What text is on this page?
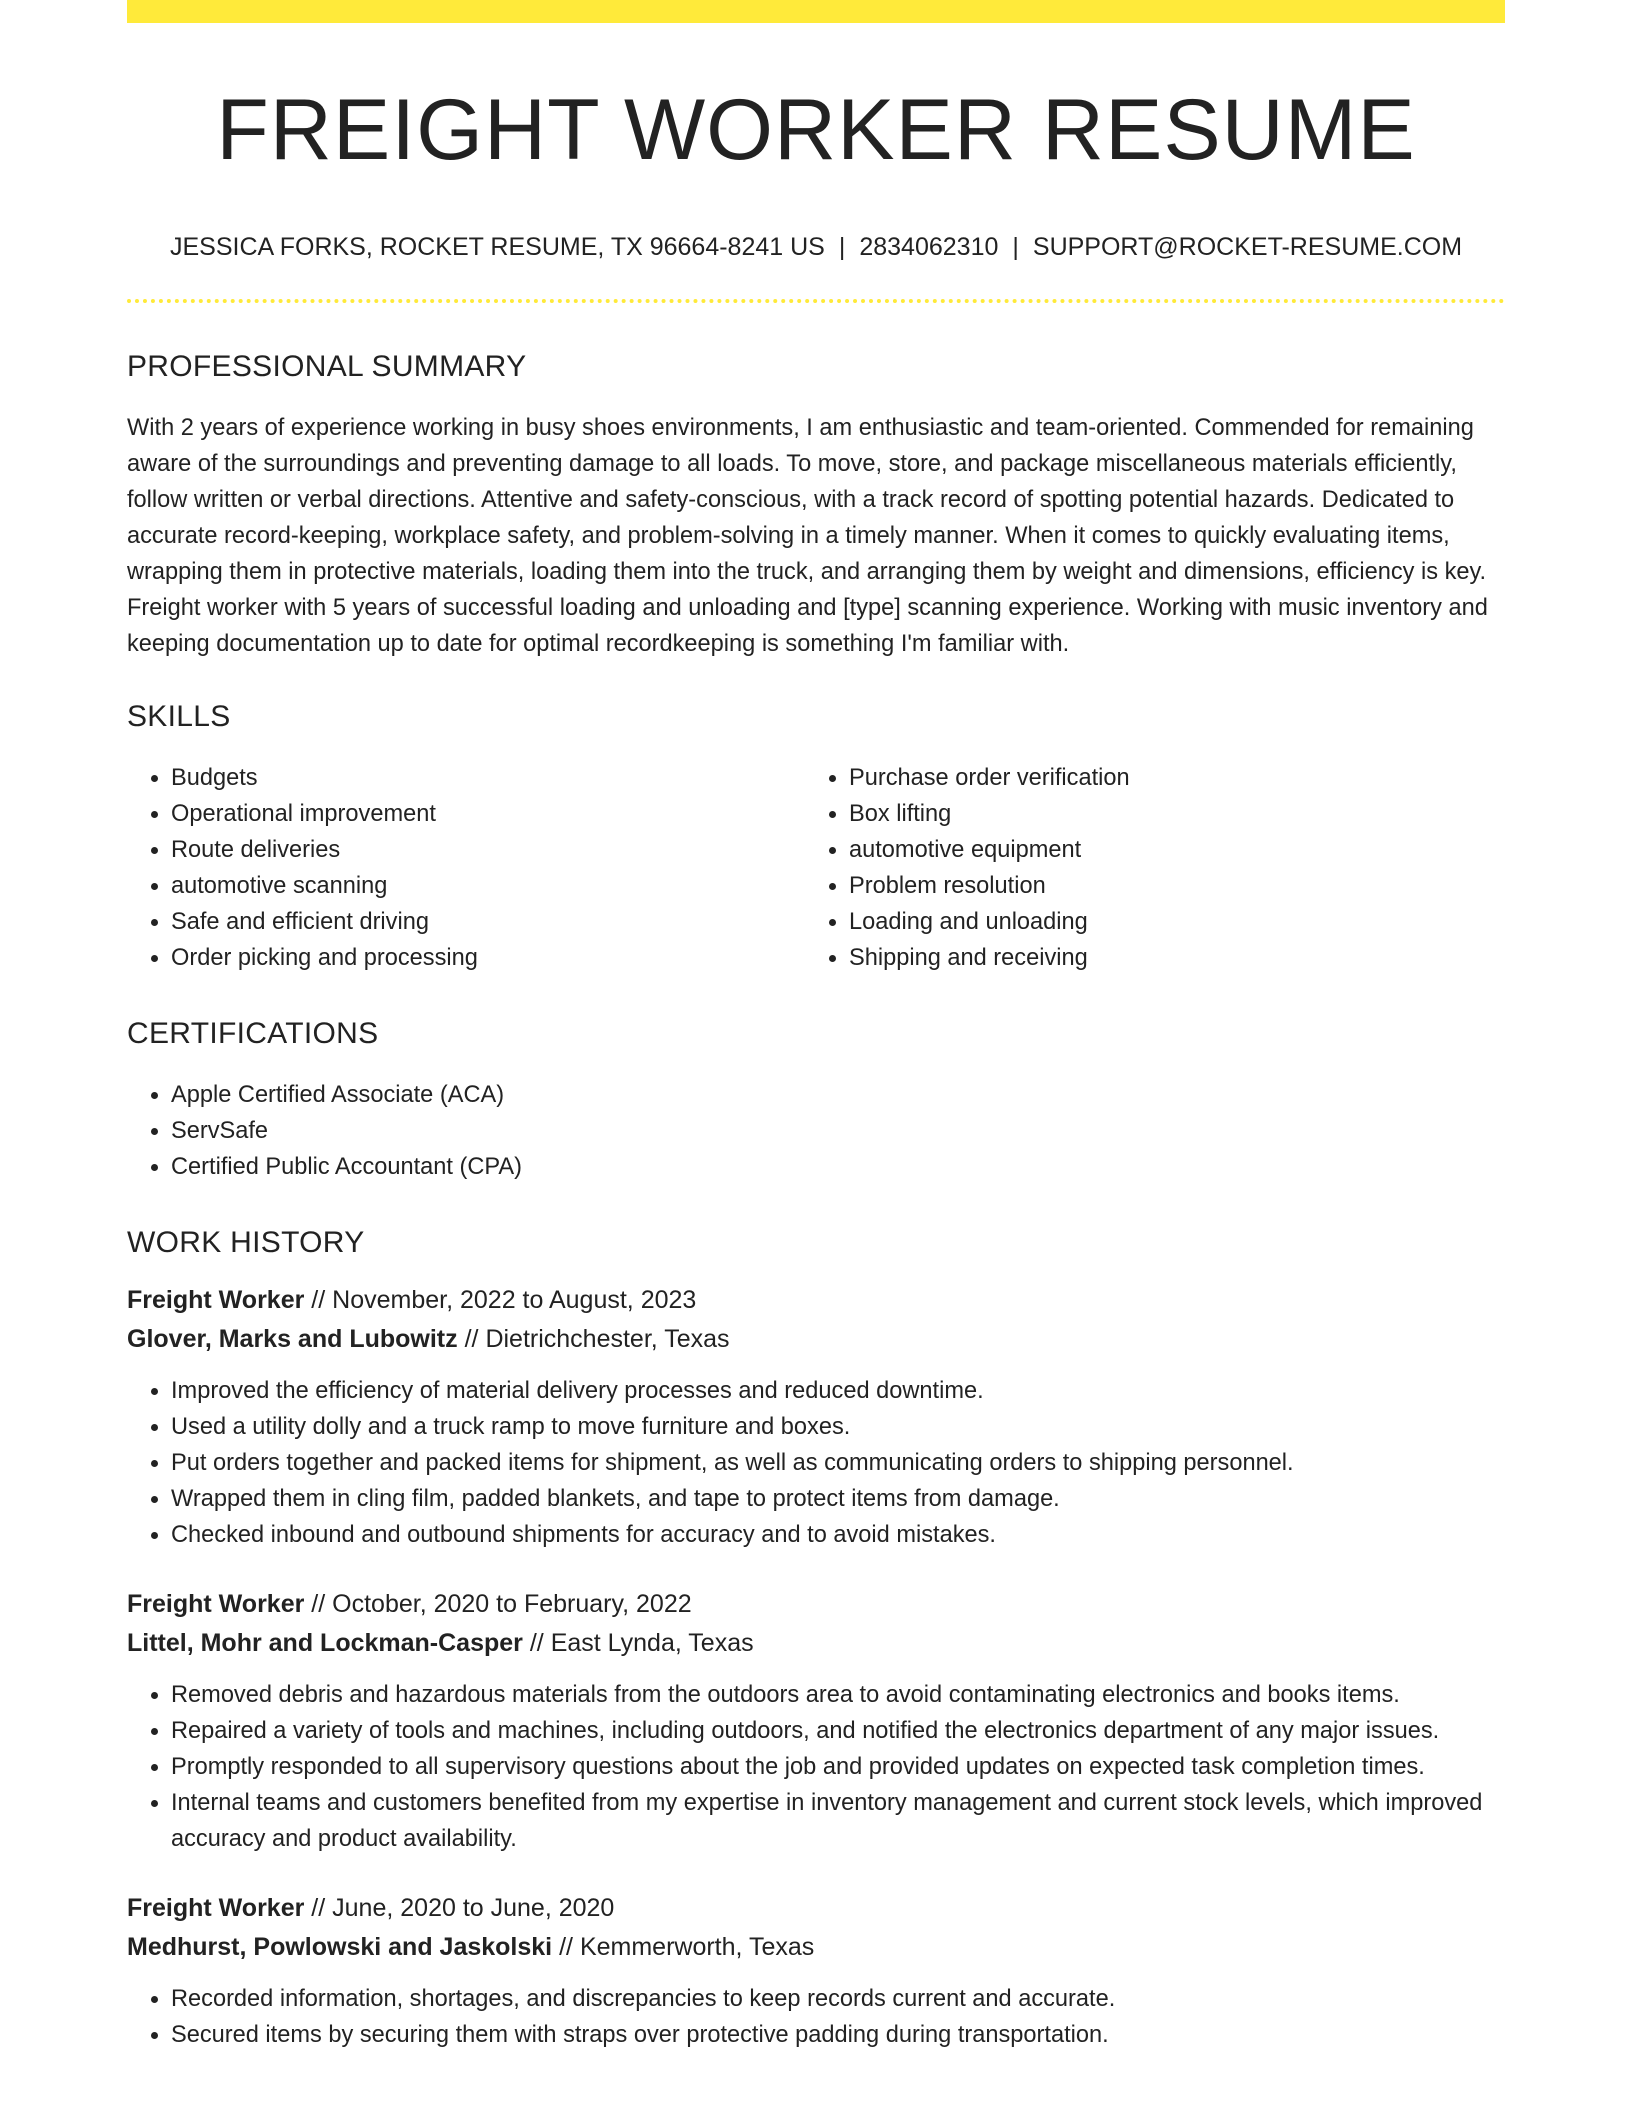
FREIGHT WORKER RESUME
JESSICA FORKS, ROCKET RESUME, TX 96664-8241 US | 2834062310 | SUPPORT@ROCKET-RESUME.COM
PROFESSIONAL SUMMARY
With 2 years of experience working in busy shoes environments, I am enthusiastic and team-oriented. Commended for remaining aware of the surroundings and preventing damage to all loads. To move, store, and package miscellaneous materials efficiently, follow written or verbal directions. Attentive and safety-conscious, with a track record of spotting potential hazards. Dedicated to accurate record-keeping, workplace safety, and problem-solving in a timely manner. When it comes to quickly evaluating items, wrapping them in protective materials, loading them into the truck, and arranging them by weight and dimensions, efficiency is key. Freight worker with 5 years of successful loading and unloading and [type] scanning experience. Working with music inventory and keeping documentation up to date for optimal recordkeeping is something I'm familiar with.
SKILLS
• Budgets
• Operational improvement
• Route deliveries
• automotive scanning
• Safe and efficient driving
• Order picking and processing
• Purchase order verification
• Box lifting
• automotive equipment
• Problem resolution
• Loading and unloading
• Shipping and receiving
CERTIFICATIONS
• Apple Certified Associate (ACA)
• ServSafe
• Certified Public Accountant (CPA)
WORK HISTORY
Freight Worker // November, 2022 to August, 2023
Glover, Marks and Lubowitz // Dietrichchester, Texas
• Improved the efficiency of material delivery processes and reduced downtime.
• Used a utility dolly and a truck ramp to move furniture and boxes.
• Put orders together and packed items for shipment, as well as communicating orders to shipping personnel.
• Wrapped them in cling film, padded blankets, and tape to protect items from damage.
• Checked inbound and outbound shipments for accuracy and to avoid mistakes.
Freight Worker // October, 2020 to February, 2022
Littel, Mohr and Lockman-Casper // East Lynda, Texas
• Removed debris and hazardous materials from the outdoors area to avoid contaminating electronics and books items.
• Repaired a variety of tools and machines, including outdoors, and notified the electronics department of any major issues.
• Promptly responded to all supervisory questions about the job and provided updates on expected task completion times.
• Internal teams and customers benefited from my expertise in inventory management and current stock levels, which improved accuracy and product availability.
Freight Worker // June, 2020 to June, 2020
Medhurst, Powlowski and Jaskolski // Kemmerworth, Texas
• Recorded information, shortages, and discrepancies to keep records current and accurate.
• Secured items by securing them with straps over protective padding during transportation.
